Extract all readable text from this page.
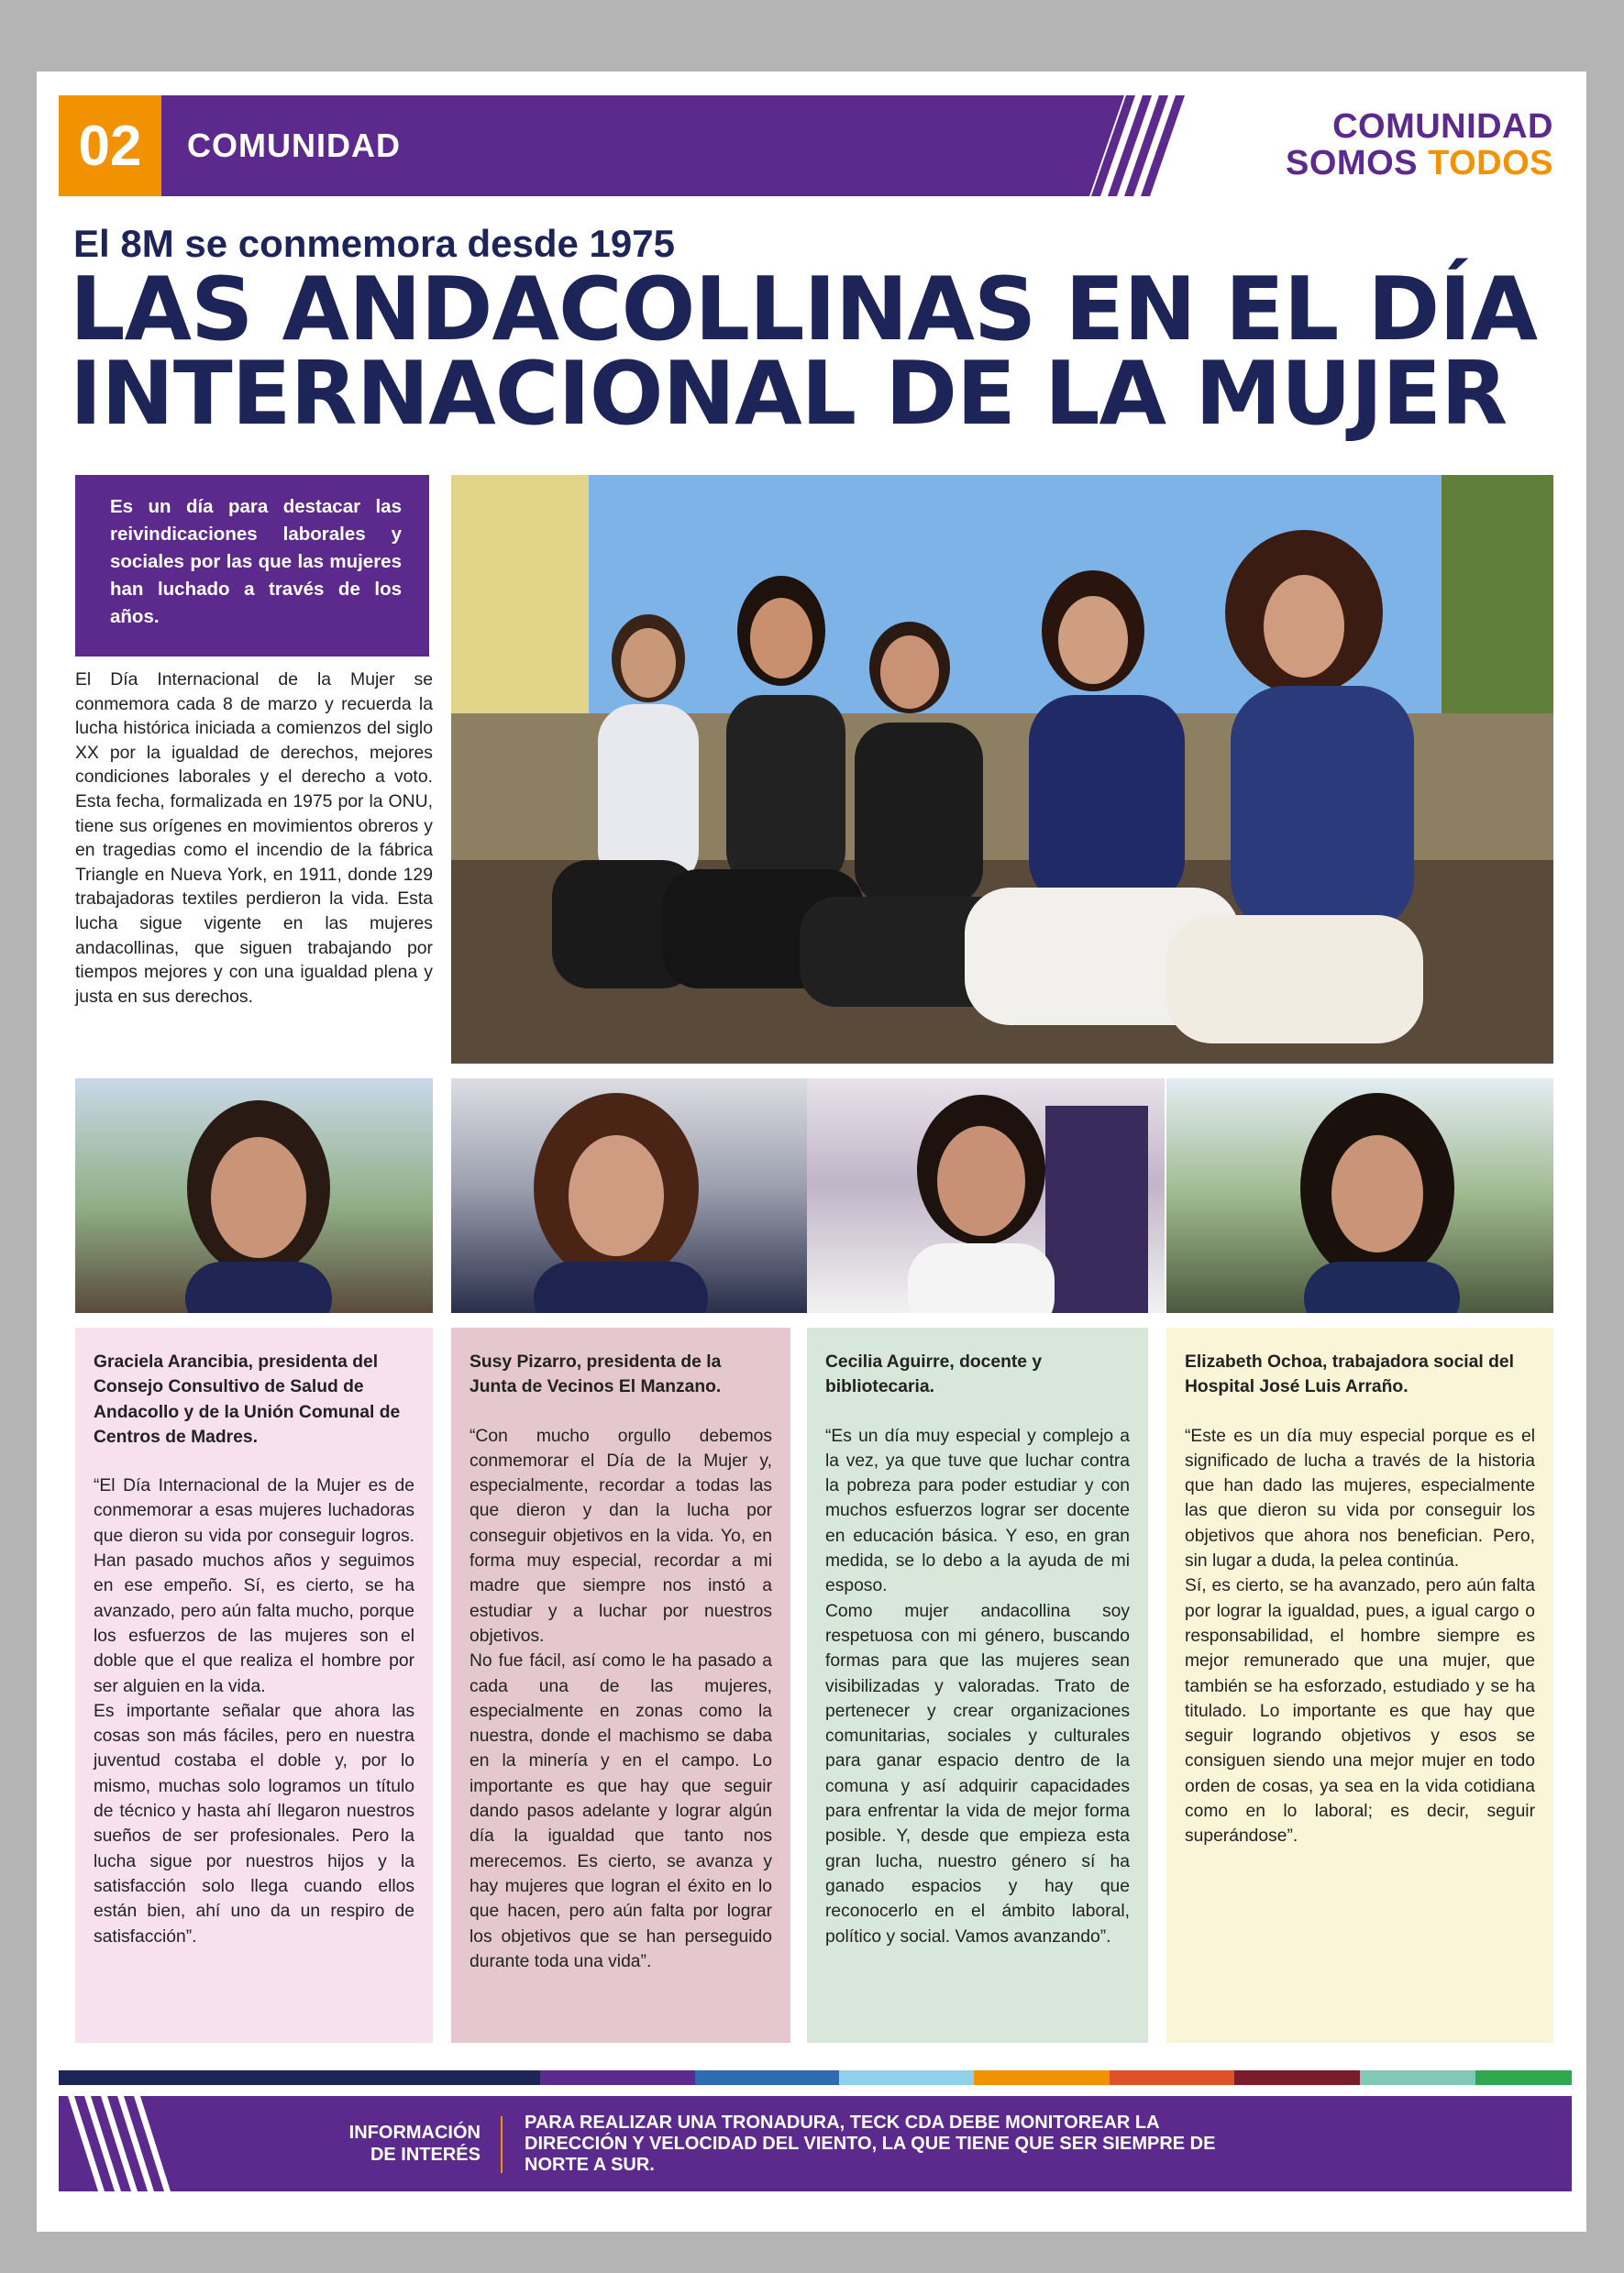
02	COMUNIDAD	COMUNIDAD
SOMOS TODOS
El 8M se conmemora desde 1975
LAS ANDACOLLINAS EN EL DÍA
INTERNACIONAL DE LA MUJER
Es un día para destacar las reivindicaciones laborales y sociales por las que las mujeres han luchado a través de los años.
El Día Internacional de la Mujer se conmemora cada 8 de marzo y recuerda la lucha histórica iniciada a comienzos del siglo XX por la igualdad de derechos, mejores condiciones laborales y el derecho a voto. Esta fecha, formalizada en 1975 por la ONU, tiene sus orígenes en movimientos obreros y en tragedias como el incendio de la fábrica Triangle en Nueva York, en 1911, donde 129 trabajadoras textiles perdieron la vida. Esta lucha sigue vigente en las mujeres andacollinas, que siguen trabajando por tiempos mejores y con una igualdad plena y justa en sus derechos.
Graciela Arancibia, presidenta del Consejo Consultivo de Salud de Andacollo y de la Unión Comunal de Centros de Madres.

“El Día Internacional de la Mujer es de conmemorar a esas mujeres luchadoras que dieron su vida por conseguir logros. Han pasado muchos años y seguimos en ese empeño. Sí, es cierto, se ha avanzado, pero aún falta mucho, porque los esfuerzos de las mujeres son el doble que el que realiza el hombre por ser alguien en la vida.

Es importante señalar que ahora las cosas son más fáciles, pero en nuestra juventud costaba el doble y, por lo mismo, muchas solo logramos un título de técnico y hasta ahí llegaron nuestros sueños de ser profesionales. Pero la lucha sigue por nuestros hijos y la satisfacción solo llega cuando ellos están bien, ahí uno da un respiro de satisfacción”.

Susy Pizarro, presidenta de la Junta de Vecinos El Manzano.

“Con mucho orgullo debemos conmemorar el Día de la Mujer y, especialmente, recordar a todas las que dieron y dan la lucha por conseguir objetivos en la vida. Yo, en forma muy especial, recordar a mi madre que siempre nos instó a estudiar y a luchar por nuestros objetivos.

No fue fácil, así como le ha pasado a cada una de las mujeres, especialmente en zonas como la nuestra, donde el machismo se daba en la minería y en el campo. Lo importante es que hay que seguir dando pasos adelante y lograr algún día la igualdad que tanto nos merecemos. Es cierto, se avanza y hay mujeres que logran el éxito en lo que hacen, pero aún falta por lograr los objetivos que se han perseguido durante toda una vida”.

Cecilia Aguirre, docente y bibliotecaria.

“Es un día muy especial y complejo a la vez, ya que tuve que luchar contra la pobreza para poder estudiar y con muchos esfuerzos lograr ser docente en educación básica. Y eso, en gran medida, se lo debo a la ayuda de mi esposo.

Como mujer andacollina soy respetuosa con mi género, buscando formas para que las mujeres sean visibilizadas y valoradas. Trato de pertenecer y crear organizaciones comunitarias, sociales y culturales para ganar espacio dentro de la comuna y así adquirir capacidades para enfrentar la vida de mejor forma posible. Y, desde que empieza esta gran lucha, nuestro género sí ha ganado espacios y hay que reconocerlo en el ámbito laboral, político y social. Vamos avanzando”.

Elizabeth Ochoa, trabajadora social del Hospital José Luis Arraño.

“Este es un día muy especial porque es el significado de lucha a través de la historia que han dado las mujeres, especialmente las que dieron su vida por conseguir los objetivos que ahora nos benefician. Pero, sin lugar a duda, la pelea continúa.

Sí, es cierto, se ha avanzado, pero aún falta por lograr la igualdad, pues, a igual cargo o responsabilidad, el hombre siempre es mejor remunerado que una mujer, que también se ha esforzado, estudiado y se ha titulado. Lo importante es que hay que seguir logrando objetivos y esos se consiguen siendo una mejor mujer en todo orden de cosas, ya sea en la vida cotidiana como en lo laboral; es decir, seguir superándose”.

INFORMACIÓN
DE INTERÉS
PARA REALIZAR UNA TRONADURA, TECK CDA DEBE MONITOREAR LA DIRECCIÓN Y VELOCIDAD DEL VIENTO, LA QUE TIENE QUE SER SIEMPRE DE NORTE A SUR.
